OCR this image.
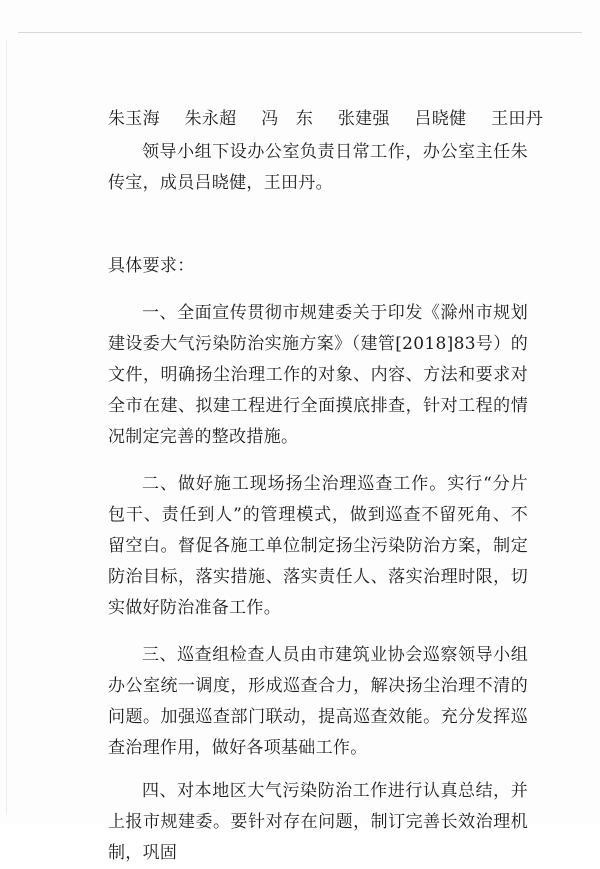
朱玉海 朱永超 冯　东 张建强 吕晓健 王田丹

领导小组下设办公室负责日常工作，办公室主任朱传宝，成员吕晓健，王田丹。

具体要求：

一、全面宣传贯彻市规建委关于印发《滁州市规划建设委大气污染防治实施方案》（建管[2018]83号）的文件，明确扬尘治理工作的对象、内容、方法和要求对全市在建、拟建工程进行全面摸底排查，针对工程的情况制定完善的整改措施。

二、做好施工现场扬尘治理巡查工作。实行“分片包干、责任到人”的管理模式，做到巡查不留死角、不留空白。督促各施工单位制定扬尘污染防治方案，制定防治目标，落实措施、落实责任人、落实治理时限，切实做好防治准备工作。

三、巡查组检查人员由市建筑业协会巡察领导小组办公室统一调度，形成巡查合力，解决扬尘治理不清的问题。加强巡查部门联动，提高巡查效能。充分发挥巡查治理作用，做好各项基础工作。

四、对本地区大气污染防治工作进行认真总结，并上报市规建委。要针对存在问题，制订完善长效治理机制，巩固
